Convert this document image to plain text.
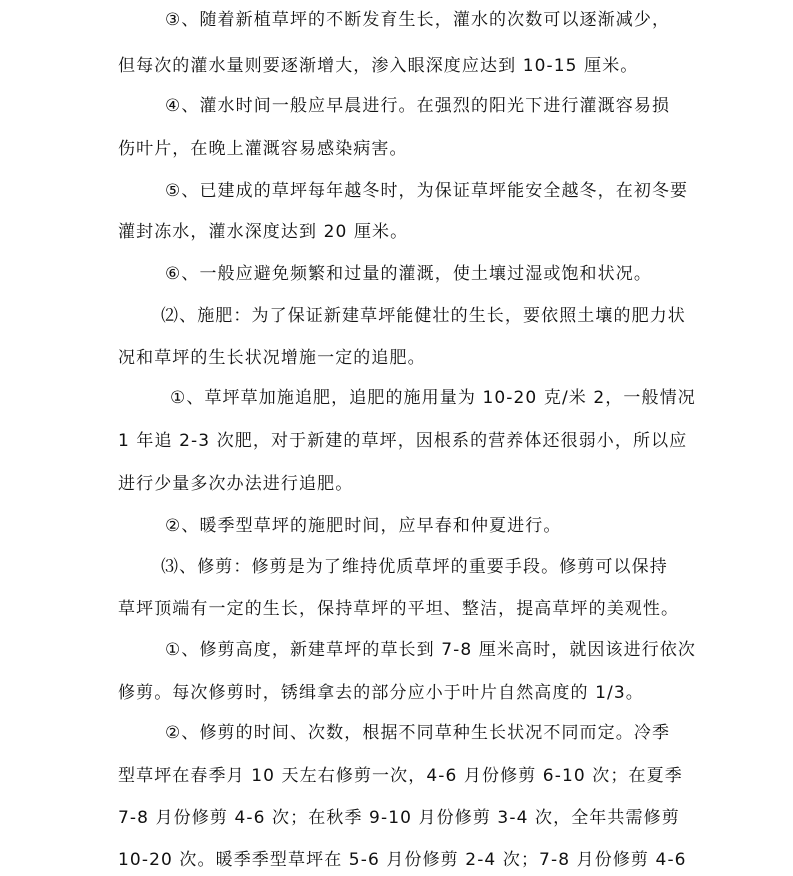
③、随着新植草坪的不断发育生长，灌水的次数可以逐渐减少，
但每次的灌水量则要逐渐增大，渗入眼深度应达到 10-15 厘米。
④、灌水时间一般应早晨进行。在强烈的阳光下进行灌溉容易损
伤叶片，在晚上灌溉容易感染病害。
⑤、已建成的草坪每年越冬时，为保证草坪能安全越冬，在初冬要
灌封冻水，灌水深度达到 20 厘米。
⑥、一般应避免频繁和过量的灌溉，使土壤过湿或饱和状况。
⑵、施肥：为了保证新建草坪能健壮的生长，要依照土壤的肥力状
况和草坪的生长状况增施一定的追肥。
①、草坪草加施追肥，追肥的施用量为 10-20 克/米 2，一般情况
1 年追 2-3 次肥，对于新建的草坪，因根系的营养体还很弱小，所以应
进行少量多次办法进行追肥。
②、暖季型草坪的施肥时间，应早春和仲夏进行。
⑶、修剪：修剪是为了维持优质草坪的重要手段。修剪可以保持
草坪顶端有一定的生长，保持草坪的平坦、整洁，提高草坪的美观性。
①、修剪高度，新建草坪的草长到 7-8 厘米高时，就因该进行依次
修剪。每次修剪时，锈缉拿去的部分应小于叶片自然高度的 1/3。
②、修剪的时间、次数，根据不同草种生长状况不同而定。冷季
型草坪在春季月 10 天左右修剪一次，4-6 月份修剪 6-10 次；在夏季
7-8 月份修剪 4-6 次；在秋季 9-10 月份修剪 3-4 次，全年共需修剪
10-20 次。暖季季型草坪在 5-6 月份修剪 2-4 次；7-8 月份修剪 4-6
